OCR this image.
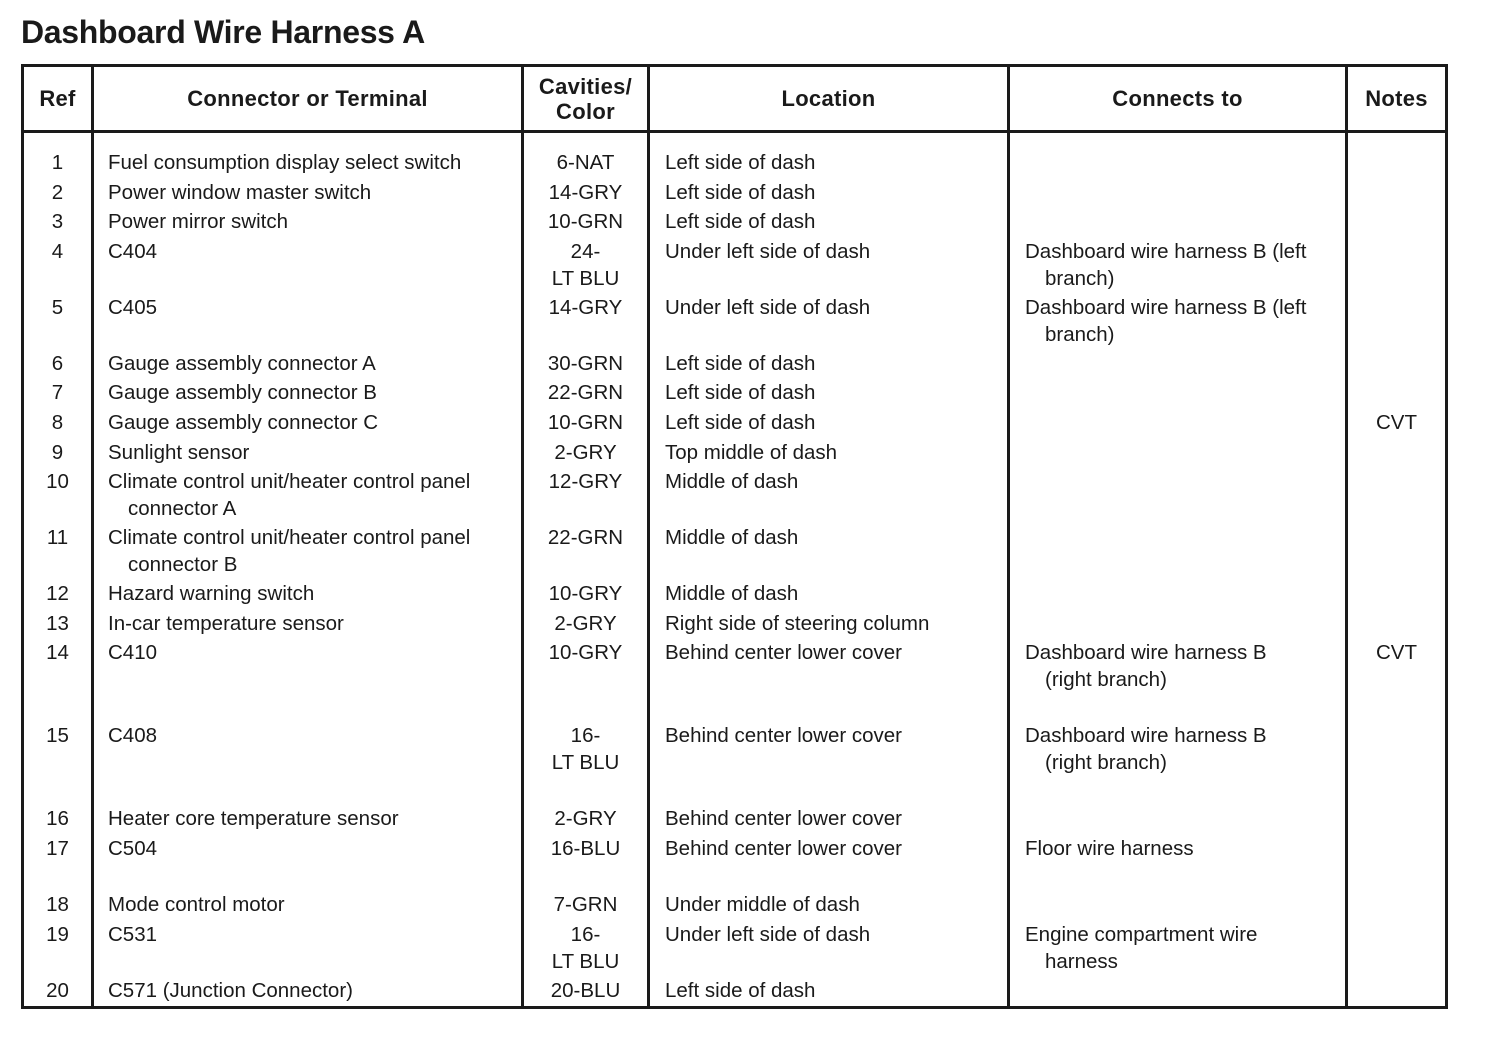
Dashboard Wire Harness A
Ref	Connector or Terminal	Cavities/
Color	Location	Connects to	Notes

1	Fuel consumption display select switch	6-NAT	Left side of dash		
2	Power window master switch	14-GRY	Left side of dash		
3	Power mirror switch	10-GRN	Left side of dash		
4	C404	24-
LT BLU	Under left side of dash	Dashboard wire harness B (left
branch)	

5	C405	14-GRY	Under left side of dash	Dashboard wire harness B (left
branch)	

6	Gauge assembly connector A	30-GRN	Left side of dash		
7	Gauge assembly connector B	22-GRN	Left side of dash		
8	Gauge assembly connector C	10-GRN	Left side of dash		CVT
9	Sunlight sensor	2-GRY	Top middle of dash		
10	Climate control unit/heater control panel
connector A	12-GRY	Middle of dash		
11	Climate control unit/heater control panel
connector B	22-GRN	Middle of dash		
12	Hazard warning switch	10-GRY	Middle of dash		
13	In-car temperature sensor	2-GRY	Right side of steering column		
14	C410	10-GRY	Behind center lower cover	Dashboard wire harness B
(right branch)	CVT
15	C408	16-
LT BLU	Behind center lower cover	Dashboard wire harness B
(right branch)	

16	Heater core temperature sensor	2-GRY	Behind center lower cover		
17	C504	16-BLU	Behind center lower cover	Floor wire harness	

18	Mode control motor	7-GRN	Under middle of dash		
19	C531	16-
LT BLU	Under left side of dash	Engine compartment wire
harness	

20	C571 (Junction Connector)	20-BLU	Left side of dash		
